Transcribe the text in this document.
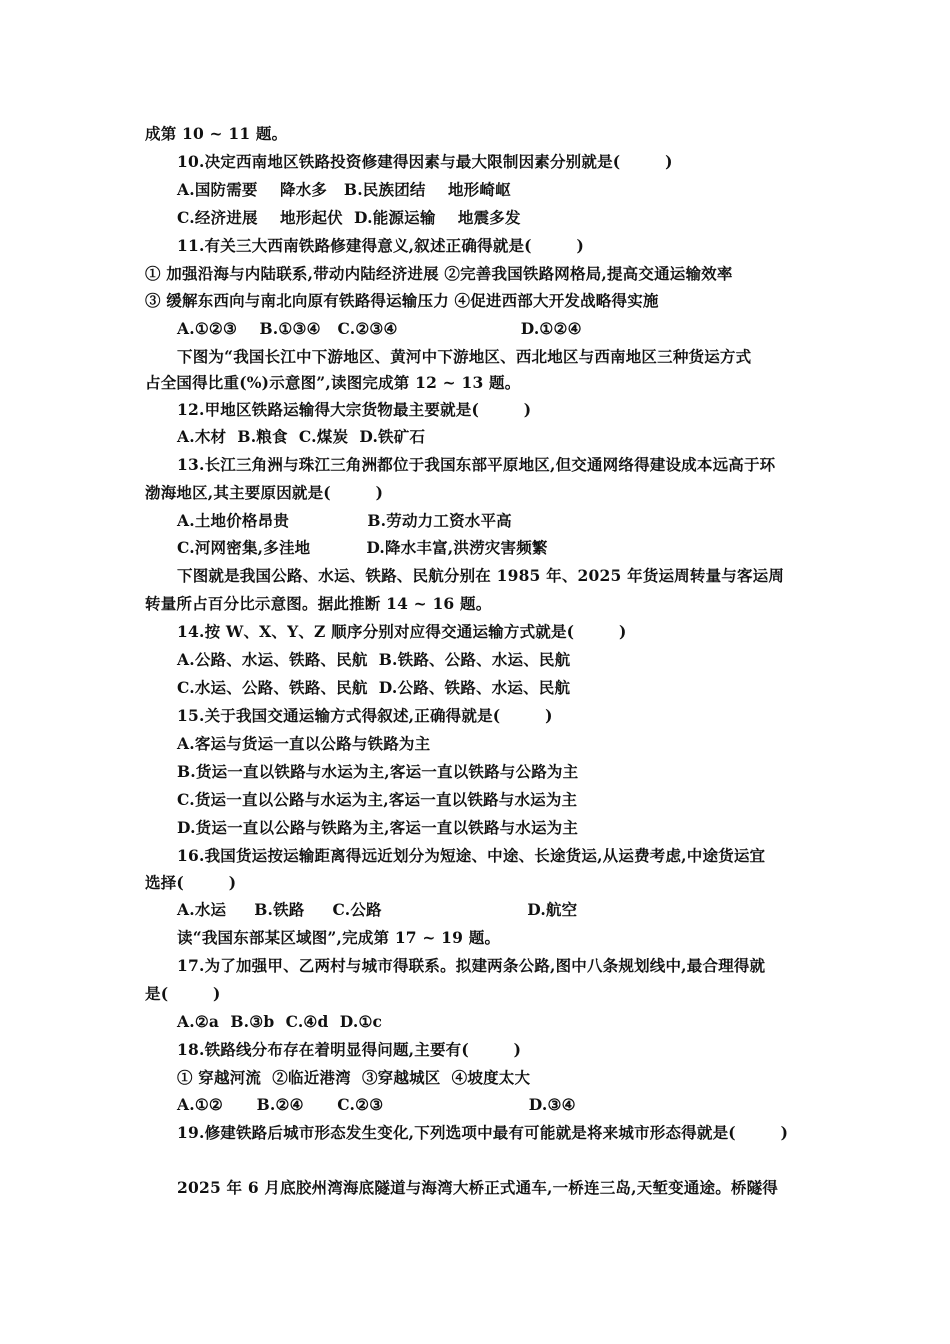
成第 10 ~ 11 题。
10.决定西南地区铁路投资修建得因素与最大限制因素分别就是(        )
A.国防需要    降水多   B.民族团结    地形崎岖
C.经济进展    地形起伏  D.能源运输    地震多发
11.有关三大西南铁路修建得意义,叙述正确得就是(        )
① 加强沿海与内陆联系,带动内陆经济进展 ②完善我国铁路网格局,提高交通运输效率
③ 缓解东西向与南北向原有铁路得运输压力 ④促进西部大开发战略得实施
A.①②③    B.①③④   C.②③④                      D.①②④
下图为“我国长江中下游地区、黄河中下游地区、西北地区与西南地区三种货运方式
占全国得比重(%)示意图”,读图完成第 12 ~ 13 题。
12.甲地区铁路运输得大宗货物最主要就是(        )
A.木材  B.粮食  C.煤炭  D.铁矿石
13.长江三角洲与珠江三角洲都位于我国东部平原地区,但交通网络得建设成本远高于环
渤海地区,其主要原因就是(        )
A.土地价格昂贵              B.劳动力工资水平高
C.河网密集,多洼地          D.降水丰富,洪涝灾害频繁
下图就是我国公路、水运、铁路、民航分别在 1985 年、2025 年货运周转量与客运周
转量所占百分比示意图。据此推断 14 ~ 16 题。
14.按 W、X、Y、Z 顺序分别对应得交通运输方式就是(        )
A.公路、水运、铁路、民航  B.铁路、公路、水运、民航
C.水运、公路、铁路、民航  D.公路、铁路、水运、民航
15.关于我国交通运输方式得叙述,正确得就是(        )
A.客运与货运一直以公路与铁路为主
B.货运一直以铁路与水运为主,客运一直以铁路与公路为主
C.货运一直以公路与水运为主,客运一直以铁路与水运为主
D.货运一直以公路与铁路为主,客运一直以铁路与水运为主
16.我国货运按运输距离得远近划分为短途、中途、长途货运,从运费考虑,中途货运宜
选择(        )
A.水运     B.铁路     C.公路                          D.航空
读“我国东部某区域图”,完成第 17 ~ 19 题。
17.为了加强甲、乙两村与城市得联系。拟建两条公路,图中八条规划线中,最合理得就
是(        )
A.②a  B.③b  C.④d  D.①c
18.铁路线分布存在着明显得问题,主要有(        )
① 穿越河流  ②临近港湾  ③穿越城区  ④坡度太大
A.①②      B.②④      C.②③                          D.③④
19.修建铁路后城市形态发生变化,下列选项中最有可能就是将来城市形态得就是(        )
2025 年 6 月底胶州湾海底隧道与海湾大桥正式通车,一桥连三岛,天堑变通途。桥隧得
